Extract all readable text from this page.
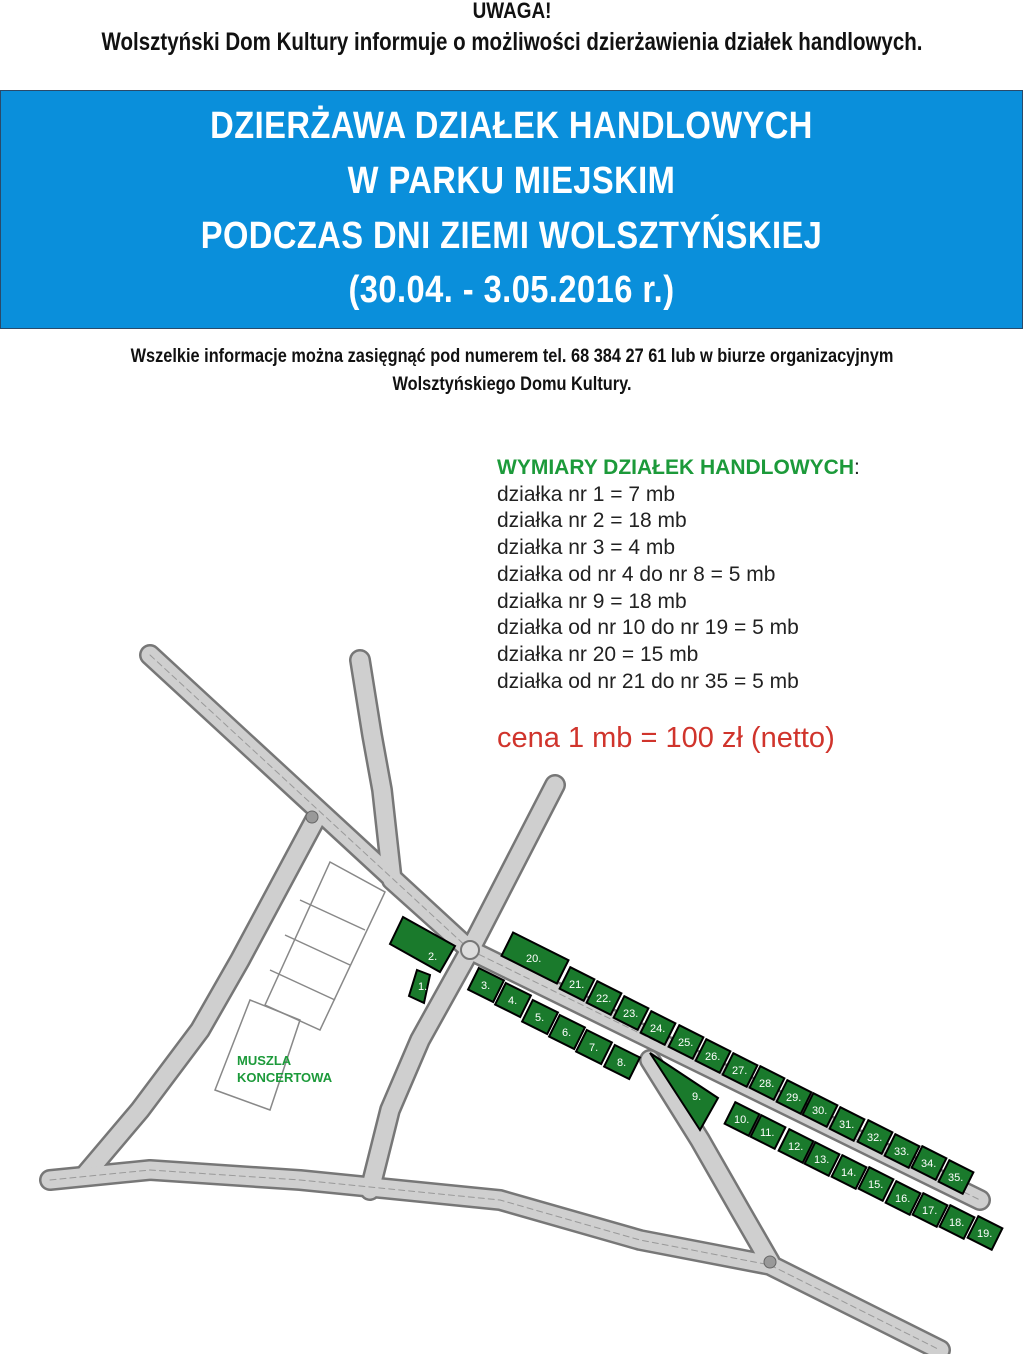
UWAGA!
Wolsztyński Dom Kultury informuje o możliwości dzierżawienia działek handlowych.
DZIERŻAWA DZIAŁEK HANDLOWYCH
W PARKU MIEJSKIM
PODCZAS DNI ZIEMI WOLSZTYŃSKIEJ
(30.04. - 3.05.2016 r.)
Wszelkie informacje można zasięgnąć pod numerem tel. 68 384 27 61 lub w biurze organizacyjnym
Wolsztyńskiego Domu Kultury.
WYMIARY DZIAŁEK HANDLOWYCH:
działka nr 1 = 7 mb
działka nr 2 = 18 mb
działka nr 3 = 4 mb
działka od nr 4 do nr 8 = 5 mb
działka nr 9 = 18 mb
działka od nr 10 do nr 19 = 5 mb
działka nr 20 = 15 mb
działka od nr 21 do nr 35 = 5 mb
cena 1 mb = 100 zł (netto)
MUSZLA
KONCERTOWA
1.
2.
3.
4.
5.
6.
7.
8.
9.
10.
11.
12.
13.
14.
15.
16.
17.
18.
19.
20.
21.
22.
23.
24.
25.
26.
27.
28.
29.
30.
31.
32.
33.
34.
35.
